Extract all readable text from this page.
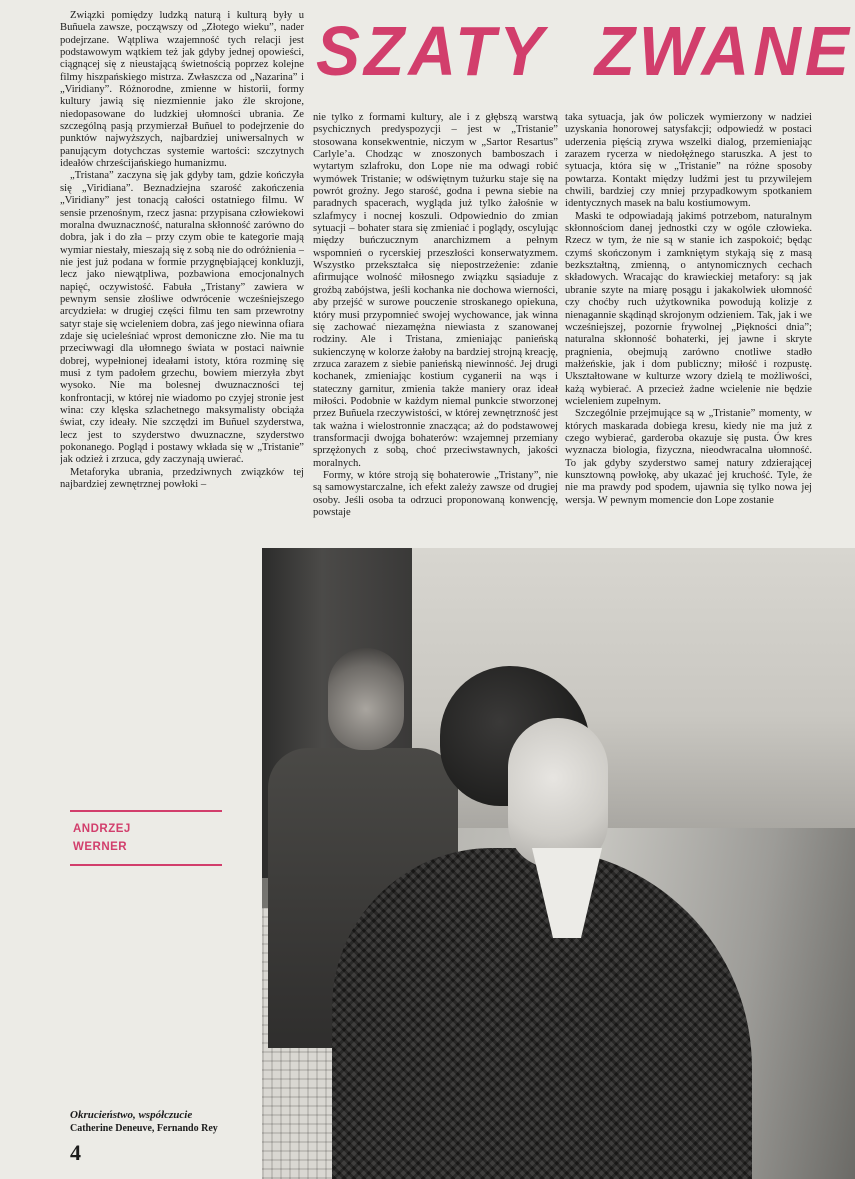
Związki pomiędzy ludzką naturą i kulturą były u Buñuela zawsze, począwszy od „Złotego wieku”, nader podejrzane. Wątpliwa wzajemność tych relacji jest podstawowym wątkiem też jak gdyby jednej opowieści, ciągnącej się z nieustającą świetnością poprzez kolejne filmy hiszpańskiego mistrza. Zwłaszcza od „Nazarina” i „Viridiany”. Różnorodne, zmienne w historii, formy kultury jawią się niezmiennie jako źle skrojone, niedopasowane do ludzkiej ułomności ubrania. Ze szczególną pasją przymierzał Buñuel to podejrzenie do punktów najwyższych, najbardziej uniwersalnych w panującym dotychczas systemie wartości: szczytnych ideałów chrześcijańskiego humanizmu.

„Tristana” zaczyna się jak gdyby tam, gdzie kończyła się „Viridiana”. Beznadziejna szarość zakończenia „Viridiany” jest tonacją całości ostatniego filmu. W sensie przenośnym, rzecz jasna: przypisana człowiekowi moralna dwuznaczność, naturalna skłonność zarówno do dobra, jak i do zła – przy czym obie te kategorie mają wymiar niestały, mieszają się z sobą nie do odróżnienia – nie jest już podana w formie przygnębiającej konkluzji, lecz jako niewątpliwa, pozbawiona emocjonalnych napięć, oczywistość. Fabuła „Tristany” zawiera w pewnym sensie złośliwe odwrócenie wcześniejszego arcydzieła: w drugiej części filmu ten sam przewrotny satyr staje się wcieleniem dobra, zaś jego niewinna ofiara zdaje się ucieleśniać wprost demoniczne zło. Nie ma tu przeciwwagi dla ułomnego świata w postaci naiwnie dobrej, wypełnionej ideałami istoty, która rozminę się musi z tym padołem grzechu, bowiem mierzyła zbyt wysoko. Nie ma bolesnej dwuznaczności tej konfrontacji, w której nie wiadomo po czyjej stronie jest wina: czy klęska szlachetnego maksymalisty obciąża świat, czy ideały. Nie szczędzi im Buñuel szyderstwa, lecz jest to szyderstwo dwuznaczne, szyderstwo pokonanego. Pogląd i postawy wkłada się w „Tristanie” jak odzież i zrzuca, gdy zaczynają uwierać.

Metaforyka ubrania, przedziwnych związków tej najbardziej zewnętrznej powłoki –

SZATY ZWANE

nie tylko z formami kultury, ale i z głębszą warstwą psychicznych predyspozycji – jest w „Tristanie” stosowana konsekwentnie, niczym w „Sartor Resartus” Carlyle’a. Chodząc w znoszonych bamboszach i wytartym szlafroku, don Lope nie ma odwagi robić wymówek Tristanie; w odświętnym tużurku staje się na powrót groźny. Jego starość, godna i pewna siebie na paradnych spacerach, wygląda już tylko żałośnie w szlafmycy i nocnej koszuli. Odpowiednio do zmian sytuacji – bohater stara się zmieniać i poglądy, oscylując między buńczucznym anarchizmem a pełnym wspomnień o rycerskiej przeszłości konserwatyzmem. Wszystko przekształca się niepostrzeżenie: zdanie afirmujące wolność miłosnego związku sąsiaduje z groźbą zabójstwa, jeśli kochanka nie dochowa wierności, aby przejść w surowe pouczenie stroskanego opiekuna, który musi przypomnieć swojej wychowance, jak winna się zachować niezamężna niewiasta z szanowanej rodziny. Ale i Tristana, zmieniając panieńską sukienczynę w kolorze żałoby na bardziej strojną kreację, zrzuca zarazem z siebie panieńską niewinność. Jej drugi kochanek, zmieniając kostium cyganerii na wąs i stateczny garnitur, zmienia także maniery oraz ideał miłości. Podobnie w każdym niemal punkcie stworzonej przez Buñuela rzeczywistości, w której zewnętrzność jest tak ważna i wielostronnie znacząca; aż do podstawowej transformacji dwojga bohaterów: wzajemnej przemiany sprzężonych z sobą, choć przeciwstawnych, jakości moralnych.

Formy, w które stroją się bohaterowie „Tristany”, nie są samowystarczalne, ich efekt zależy zawsze od drugiej osoby. Jeśli osoba ta odrzuci proponowaną konwencję, powstaje

taka sytuacja, jak ów policzek wymierzony w nadziei uzyskania honorowej satysfakcji; odpowiedź w postaci uderzenia pięścią zrywa wszelki dialog, przemieniając zarazem rycerza w niedołężnego staruszka. A jest to sytuacja, która się w „Tristanie” na różne sposoby powtarza. Kontakt między ludźmi jest tu przywilejem chwili, bardziej czy mniej przypadkowym spotkaniem identycznych masek na balu kostiumowym.

Maski te odpowiadają jakimś potrzebom, naturalnym skłonnościom danej jednostki czy w ogóle człowieka. Rzecz w tym, że nie są w stanie ich zaspokoić; będąc czymś skończonym i zamkniętym stykają się z masą bezkształtną, zmienną, o antynomicznych cechach składowych. Wracając do krawieckiej metafory: są jak ubranie szyte na miarę posągu i jakakolwiek ułomność czy choćby ruch użytkownika powodują kolizje z nienagannie skądinąd skrojonym odzieniem. Tak, jak i we wcześniejszej, pozornie frywolnej „Piękności dnia”; naturalna skłonność bohaterki, jej jawne i skryte pragnienia, obejmują zarówno cnotliwe stadło małżeńskie, jak i dom publiczny; miłość i rozpustę. Ukształtowane w kulturze wzory dzielą te możliwości, każą wybierać. A przecież żadne wcielenie nie będzie wcieleniem zupełnym.

Szczególnie przejmujące są w „Tristanie” momenty, w których maskarada dobiega kresu, kiedy nie ma już z czego wybierać, garderoba okazuje się pusta. Ów kres wyznacza biologia, fizyczna, nieodwracalna ułomność. To jak gdyby szyderstwo samej natury zdzierającej kunsztowną powłokę, aby ukazać jej kruchość. Tyle, że nie ma prawdy pod spodem, ujawnia się tylko nowa jej wersja. W pewnym momencie don Lope zostanie

ANDRZEJ
WERNER
Okrucieństwo, współczucie
Catherine Deneuve, Fernando Rey
4
